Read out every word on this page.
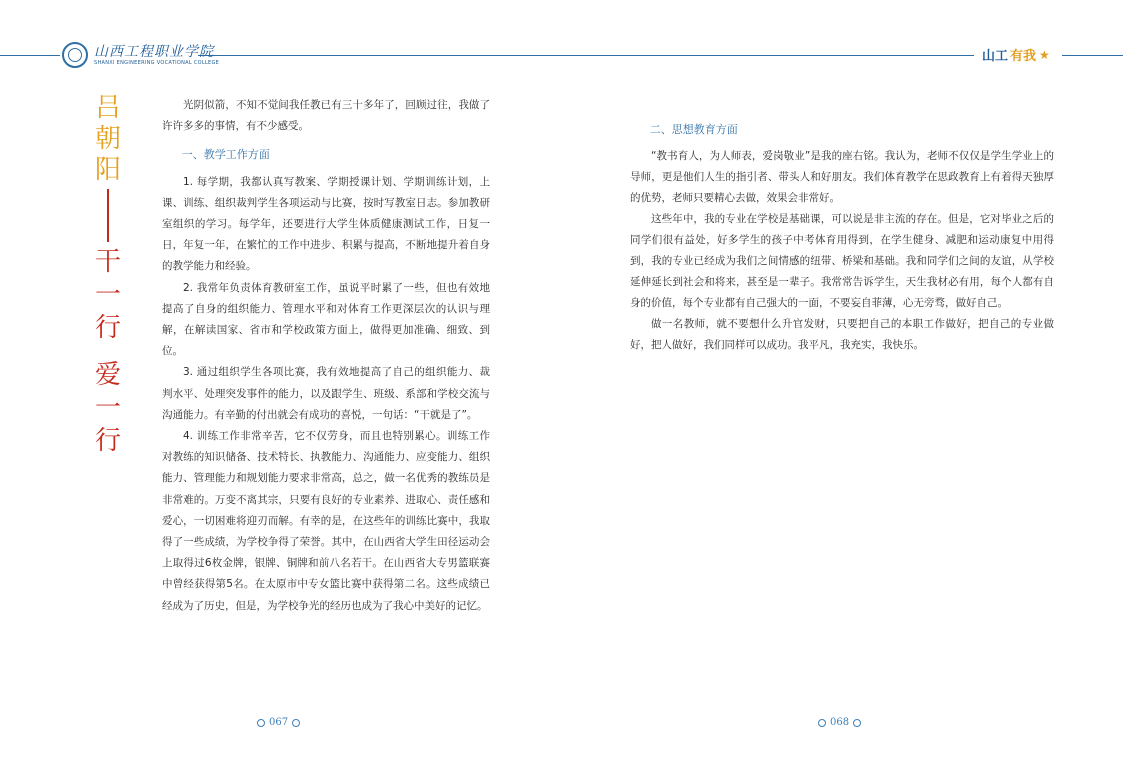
山西工程职业学院
SHANXI ENGINEERING VOCATIONAL COLLEGE	山工 有我 ★
吕
朝
阳
干
一
行
爱
一
行

光阴似箭，不知不觉间我任教已有三十多年了，回顾过往，我做了许许多多的事情，有不少感受。

一、教学工作方面

1. 每学期，我都认真写教案、学期授课计划、学期训练计划，上课、训练、组织裁判学生各项运动与比赛，按时写教室日志。参加教研室组织的学习。每学年，还要进行大学生体质健康测试工作，日复一日，年复一年，在繁忙的工作中进步、积累与提高，不断地提升着自身的教学能力和经验。

2. 我常年负责体育教研室工作，虽说平时累了一些，但也有效地提高了自身的组织能力、管理水平和对体育工作更深层次的认识与理解，在解读国家、省市和学校政策方面上，做得更加准确、细致、到位。

3. 通过组织学生各项比赛，我有效地提高了自己的组织能力、裁判水平、处理突发事件的能力，以及跟学生、班级、系部和学校交流与沟通能力。有辛勤的付出就会有成功的喜悦，一句话：“干就是了”。

4. 训练工作非常辛苦，它不仅劳身，而且也特别累心。训练工作对教练的知识储备、技术特长、执教能力、沟通能力、应变能力、组织能力、管理能力和规划能力要求非常高，总之，做一名优秀的教练员是非常难的。万变不离其宗，只要有良好的专业素养、进取心、责任感和爱心，一切困难将迎刃而解。有幸的是，在这些年的训练比赛中，我取得了一些成绩，为学校争得了荣誉。其中，在山西省大学生田径运动会上取得过6枚金牌，银牌、铜牌和前八名若干。在山西省大专男篮联赛中曾经获得第5名。在太原市中专女篮比赛中获得第二名。这些成绩已经成为了历史，但是，为学校争光的经历也成为了我心中美好的记忆。

二、思想教育方面

“教书育人，为人师表，爱岗敬业”是我的座右铭。我认为，老师不仅仅是学生学业上的导师，更是他们人生的指引者、带头人和好朋友。我们体育教学在思政教育上有着得天独厚的优势，老师只要精心去做，效果会非常好。

这些年中，我的专业在学校是基础课，可以说是非主流的存在。但是，它对毕业之后的同学们很有益处，好多学生的孩子中考体育用得到，在学生健身、减肥和运动康复中用得到，我的专业已经成为我们之间情感的纽带、桥梁和基础。我和同学们之间的友谊，从学校延伸延长到社会和将来，甚至是一辈子。我常常告诉学生，天生我材必有用，每个人都有自身的价值，每个专业都有自己强大的一面，不要妄自菲薄，心无旁骛，做好自己。

做一名教师，就不要想什么升官发财，只要把自己的本职工作做好，把自己的专业做好，把人做好，我们同样可以成功。我平凡，我充实，我快乐。

067	068
